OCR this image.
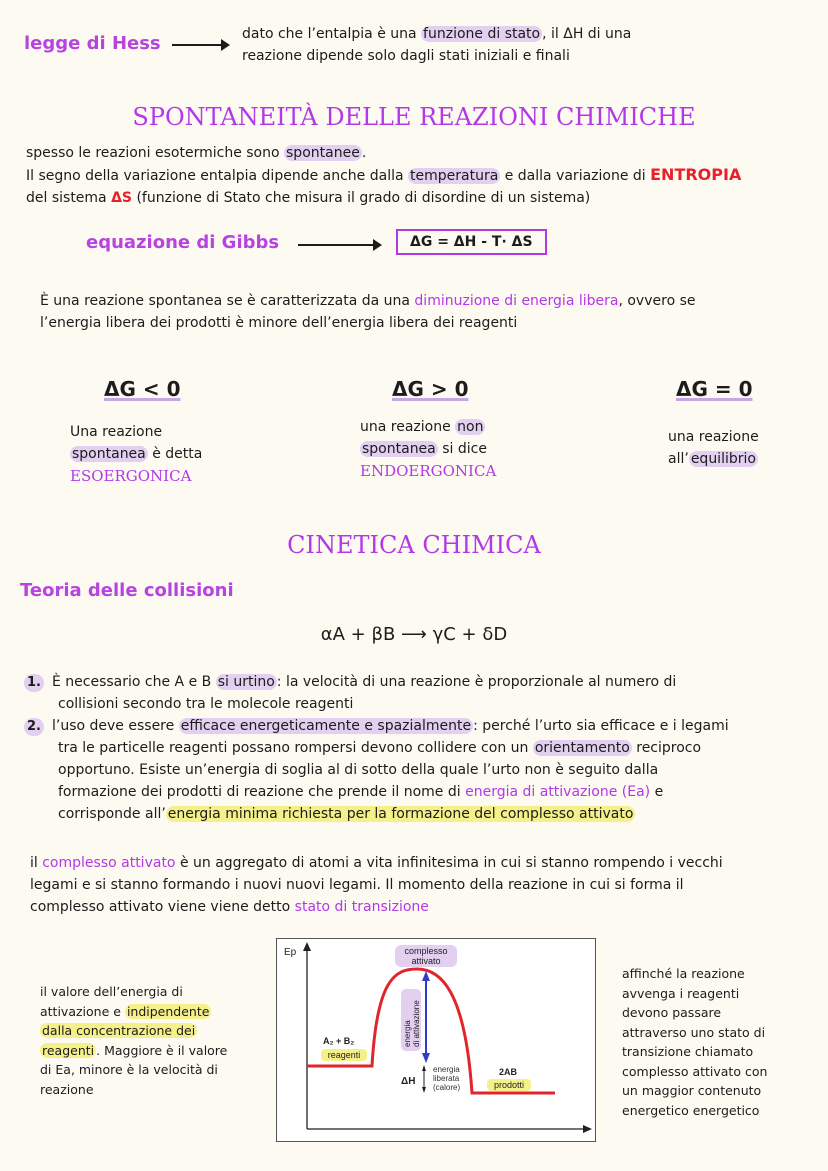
legge di Hess	dato che l’entalpia è una funzione di stato , il ΔH di una
reazione dipende solo dagli stati iniziali e finali
SPONTANEITÀ DELLE REAZIONI CHIMICHE
spesso le reazioni esotermiche sono spontanee .
Il segno della variazione entalpia dipende anche dalla temperatura e dalla variazione di ENTROPIA
del sistema ΔS (funzione di Stato che misura il grado di disordine di un sistema)
equazione di Gibbs	ΔG = ΔH - T· ΔS
È una reazione spontanea se è caratterizzata da una diminuzione di energia libera, ovvero se
l’energia libera dei prodotti è minore dell’energia libera dei reagenti
ΔG < 0
Una reazione
spontanea è detta
ESOERGONICA
ΔG > 0
una reazione non
spontanea si dice
ENDOERGONICA
ΔG = 0
una reazione
all’ equilibrio
CINETICA CHIMICA
Teoria delle collisioni
αA + βB ⟶ γC + δD
1. È necessario che A e B si urtino : la velocità di una reazione è proporzionale al numero di
collisioni secondo tra le molecole reagenti
2. l’uso deve essere efficace energeticamente e spazialmente : perché l’urto sia efficace e i legami
tra le particelle reagenti possano rompersi devono collidere con un orientamento reciproco
opportuno. Esiste un’energia di soglia al di sotto della quale l’urto non è seguito dalla
formazione dei prodotti di reazione che prende il nome di energia di attivazione (Ea) e
corrisponde all’ energia minima richiesta per la formazione del complesso attivato
il complesso attivato è un aggregato di atomi a vita infinitesima in cui si stanno rompendo i vecchi
legami e si stanno formando i nuovi nuovi legami. Il momento della reazione in cui si forma il
complesso attivato viene viene detto stato di transizione
il valore dell’energia di
attivazione e indipendente
dalla concentrazione dei
reagenti . Maggiore è il valore
di Ea, minore è la velocità di
reazione
Ep	complesso
attivato
energia di attivazione
A₂ + B₂
reagenti
ΔH
energia
liberata
(calore)
2AB
prodotti
affinché la reazione
avvenga i reagenti
devono passare
attraverso uno stato di
transizione chiamato
complesso attivato con
un maggior contenuto
energetico energetico
